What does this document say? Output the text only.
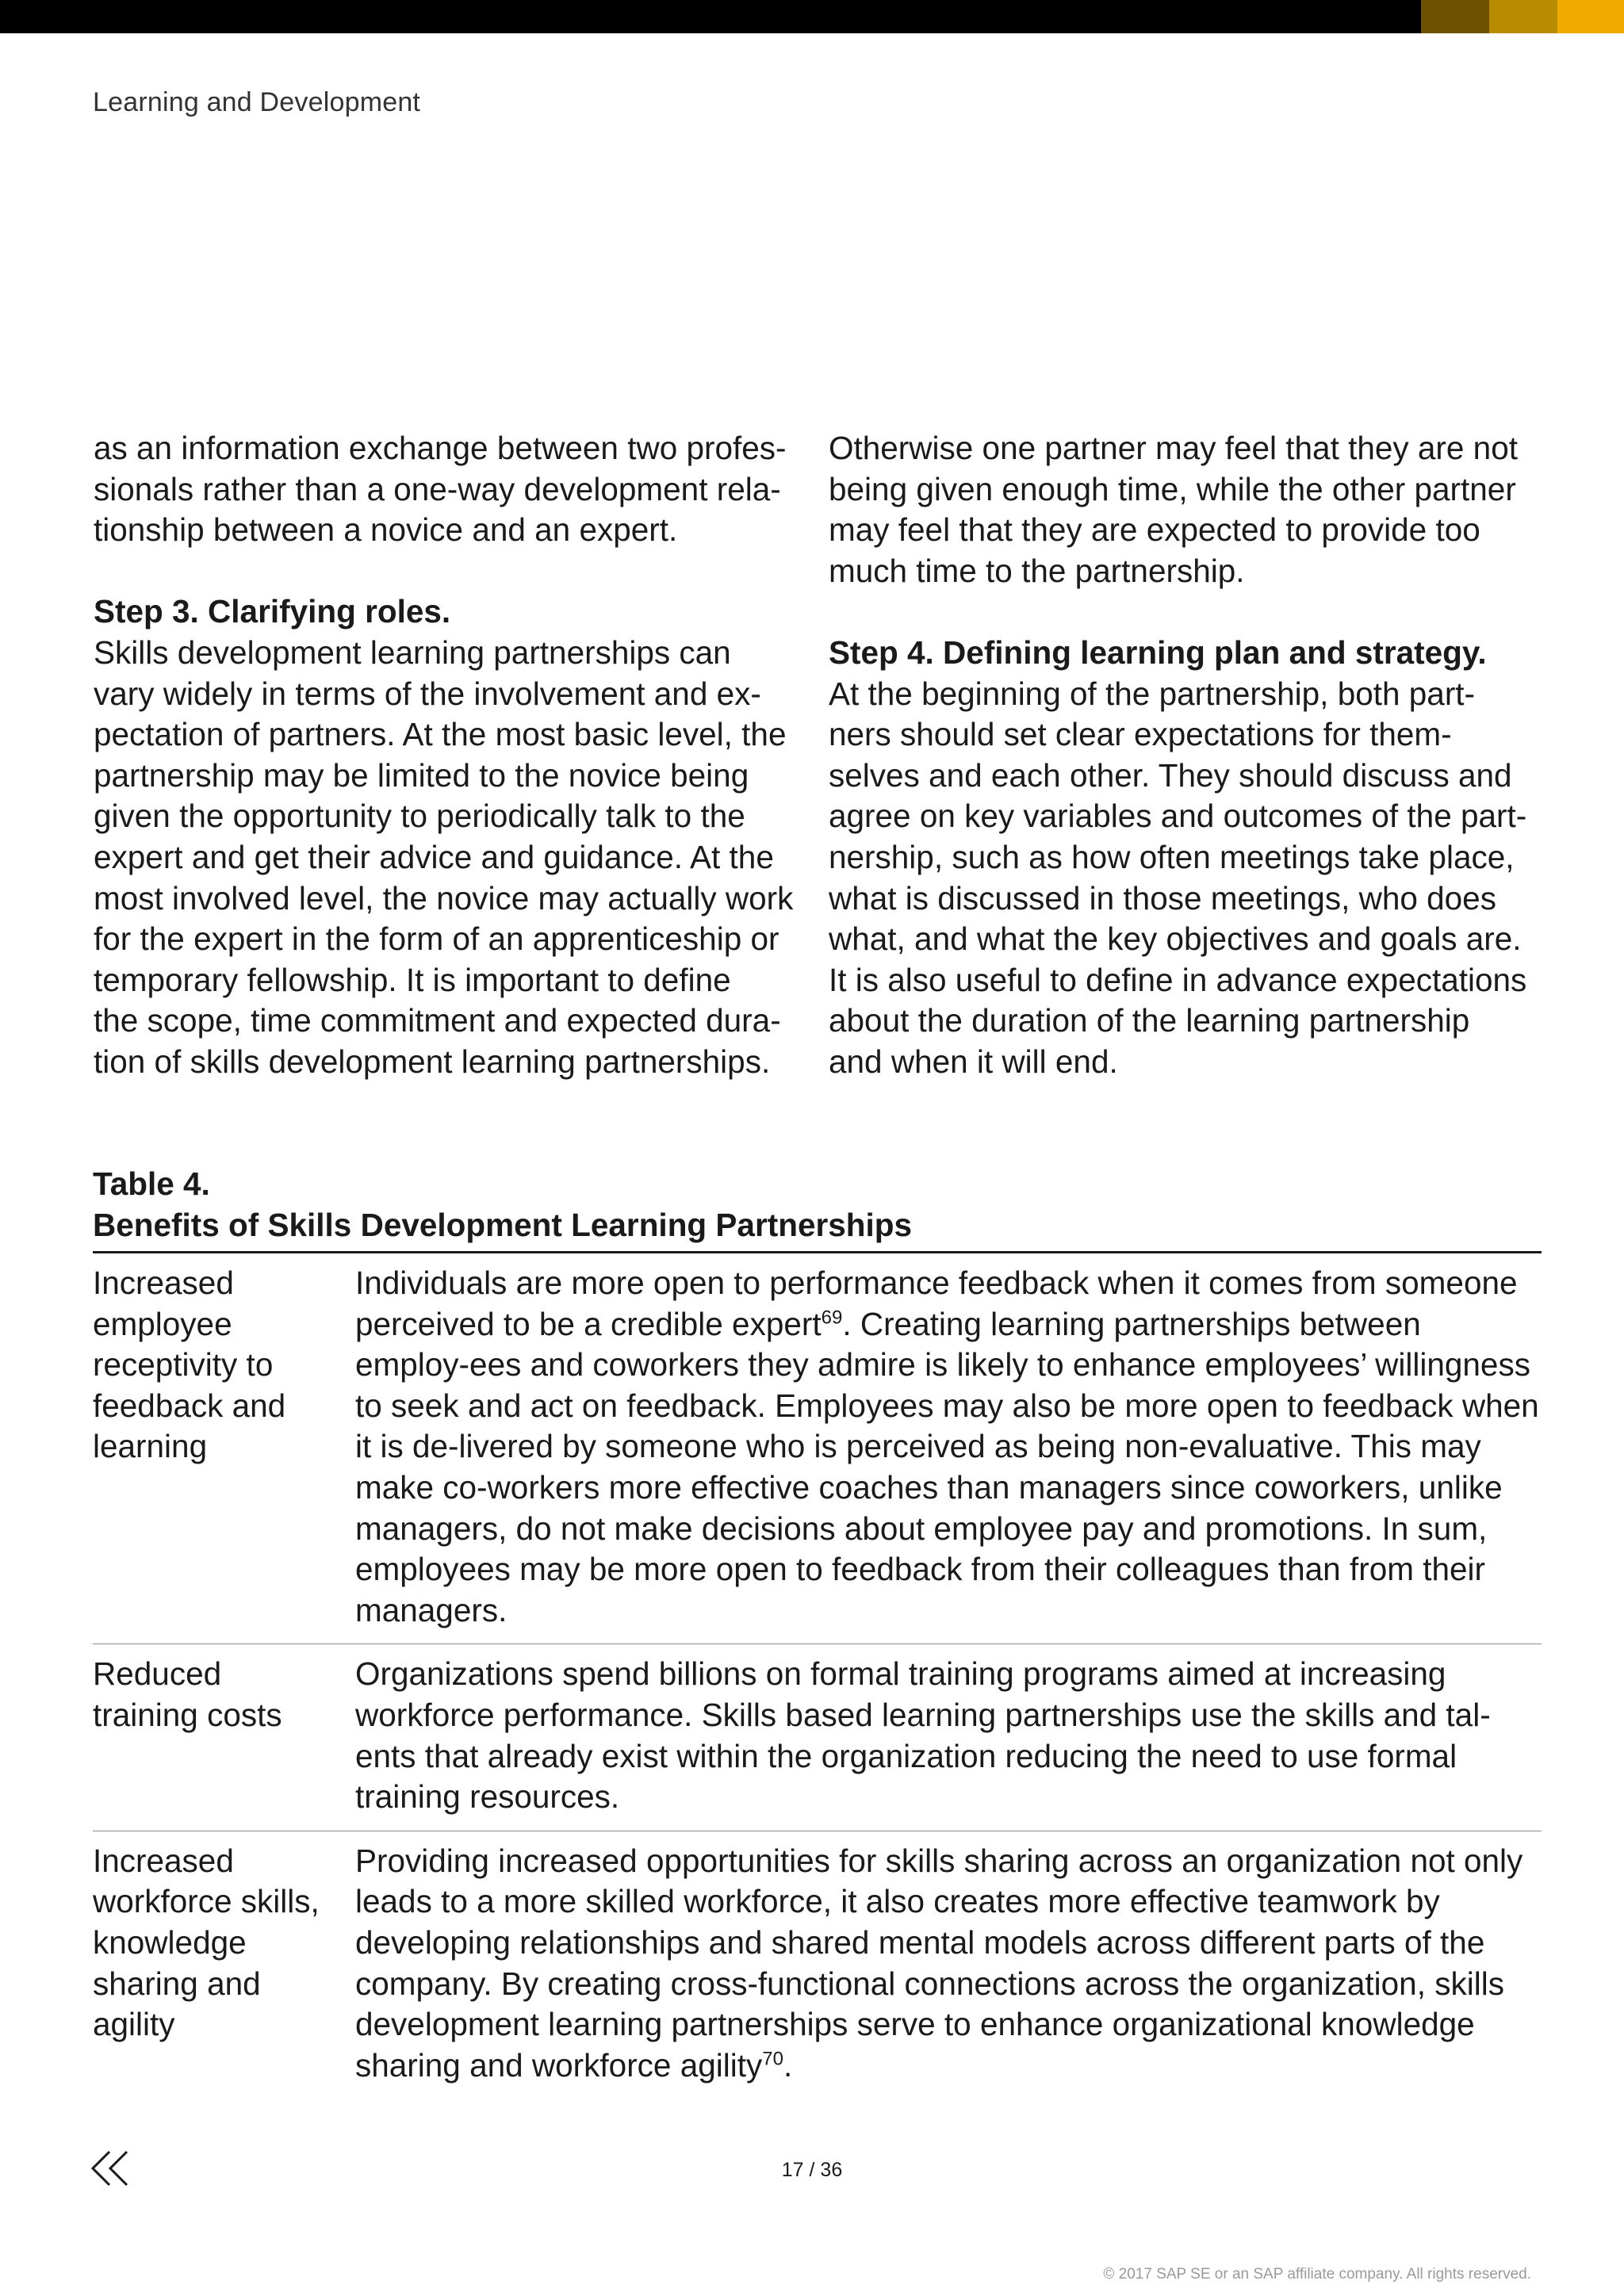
Learning and Development

as an information exchange between two profes-

sionals rather than a one-way development rela-

tionship between a novice and an expert.

Step 3. Clarifying roles.

Skills development learning partnerships can

vary widely in terms of the involvement and ex-

pectation of partners. At the most basic level, the

partnership may be limited to the novice being

given the opportunity to periodically talk to the

expert and get their advice and guidance. At the

most involved level, the novice may actually work

for the expert in the form of an apprenticeship or

temporary fellowship. It is important to define

the scope, time commitment and expected dura-

tion of skills development learning partnerships.

Otherwise one partner may feel that they are not

being given enough time, while the other partner

may feel that they are expected to provide too

much time to the partnership.

Step 4. Defining learning plan and strategy.

At the beginning of the partnership, both part-

ners should set clear expectations for them-

selves and each other. They should discuss and

agree on key variables and outcomes of the part-

nership, such as how often meetings take place,

what is discussed in those meetings, who does

what, and what the key objectives and goals are.

It is also useful to define in advance expectations

about the duration of the learning partnership

and when it will end.

Table 4.
Benefits of Skills Development Learning Partnerships
Increased
employee
receptivity to
feedback and
learning
Individuals are more open to performance feedback when it comes from someone perceived to be a credible expert$^{69}$. Creating learning partnerships between employ-ees and coworkers they admire is likely to enhance employees’ willingness to seek and act on feedback. Employees may also be more open to feedback when it is de-livered by someone who is perceived as being non-evaluative. This may make co-workers more effective coaches than managers since coworkers, unlike managers, do not make decisions about employee pay and promotions. In sum, employees may be more open to feedback from their colleagues than from their managers.
Reduced
training costs
Organizations spend billions on formal training programs aimed at increasing workforce performance. Skills based learning partnerships use the skills and tal-ents that already exist within the organization reducing the need to use formal training resources.
Increased
workforce skills,
knowledge
sharing and
agility
Providing increased opportunities for skills sharing across an organization not only leads to a more skilled workforce, it also creates more effective teamwork by developing relationships and shared mental models across different parts of the company. By creating cross-functional connections across the organization, skills development learning partnerships serve to enhance organizational knowledge sharing and workforce agility$^{70}$.
17 / 36
© 2017 SAP SE or an SAP affiliate company. All rights reserved.
